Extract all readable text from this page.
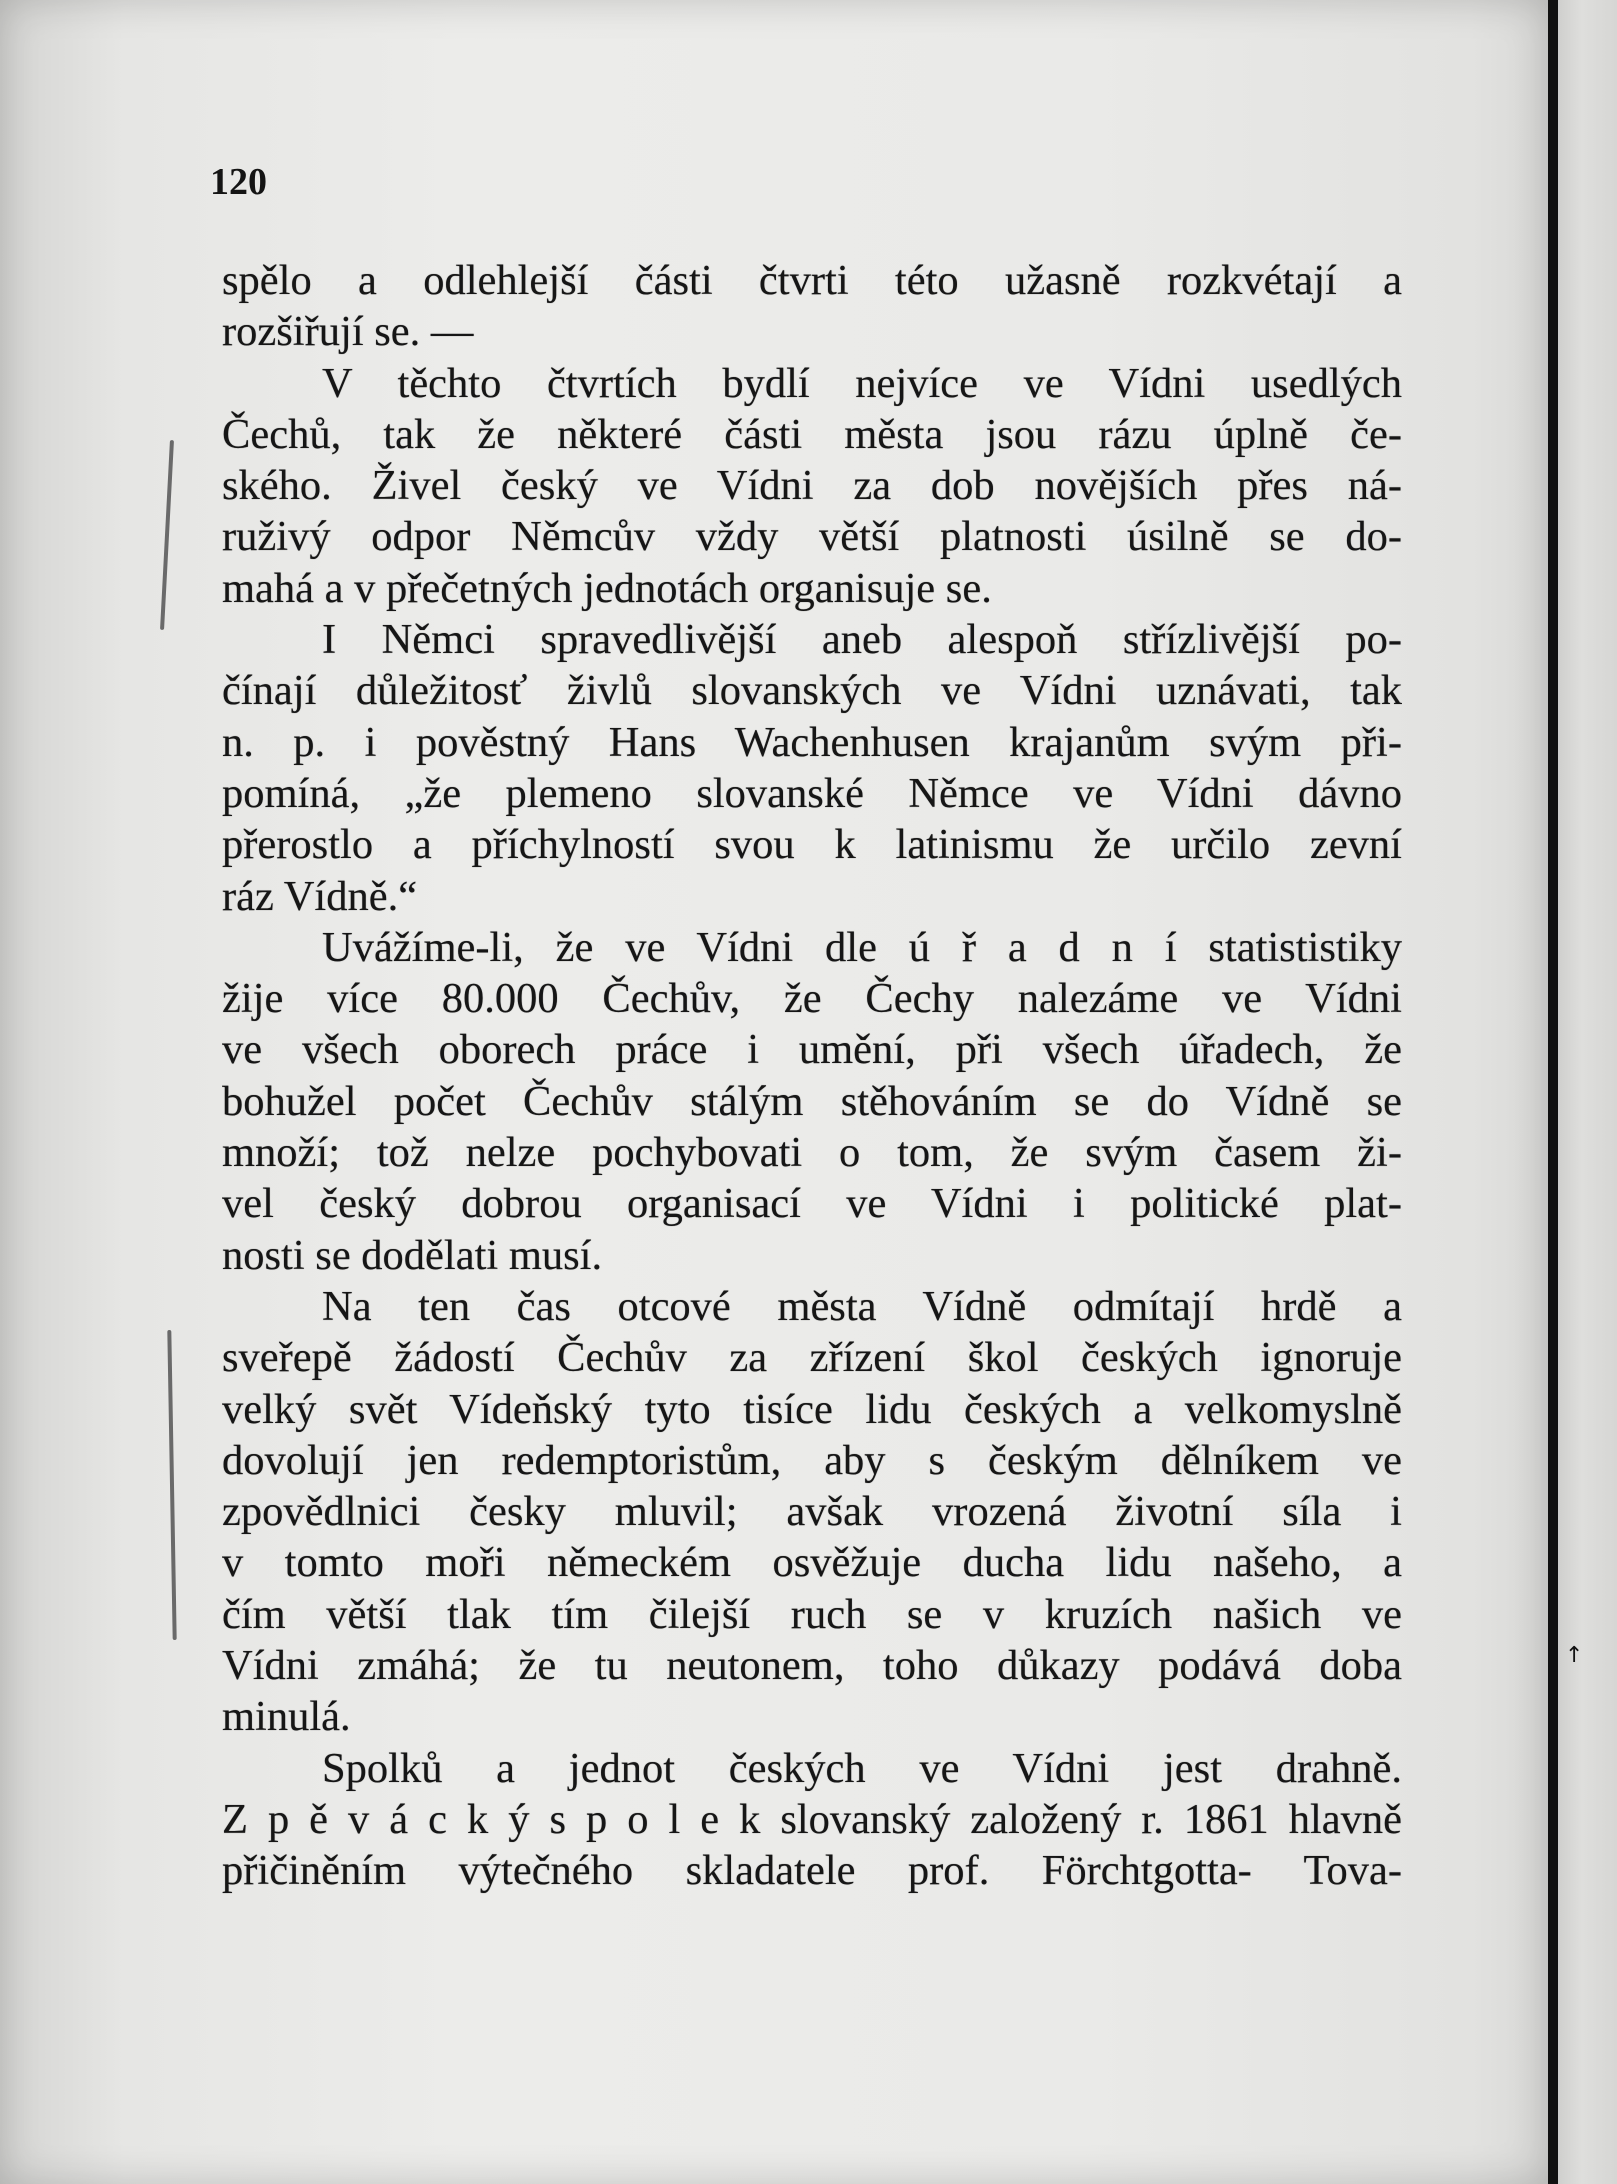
120

spělo a odlehlejší části čtvrti této užasně rozkvétají a
rozšiřují se. —
V těchto čtvrtích bydlí nejvíce ve Vídni usedlých
Čechů, tak že některé části města jsou rázu úplně če-
ského. Živel český ve Vídni za dob novějších přes ná-
ruživý odpor Němcův vždy větší platnosti úsilně se do-
mahá a v přečetných jednotách organisuje se.
I Němci spravedlivější aneb alespoň střízlivější po-
čínají důležitosť živlů slovanských ve Vídni uznávati, tak
n. p. i pověstný Hans Wachenhusen krajanům svým při-
pomíná, „že plemeno slovanské Němce ve Vídni dávno
přerostlo a příchylností svou k latinismu že určilo zevní
ráz Vídně.“
Uvážíme-li, že ve Vídni dle ú ř a d n í statististiky
žije více 80.000 Čechův, že Čechy nalezáme ve Vídni
ve všech oborech práce i umění, při všech úřadech, že
bohužel počet Čechův stálým stěhováním se do Vídně se
množí; tož nelze pochybovati o tom, že svým časem ži-
vel český dobrou organisací ve Vídni i politické plat-
nosti se dodělati musí.
Na ten čas otcové města Vídně odmítají hrdě a
sveřepě žádostí Čechův za zřízení škol českých ignoruje
velký svět Vídeňský tyto tisíce lidu českých a velkomyslně
dovolují jen redemptoristům, aby s českým dělníkem ve
zpovědlnici česky mluvil; avšak vrozená životní síla i
v tomto moři německém osvěžuje ducha lidu našeho, a
čím větší tlak tím čilejší ruch se v kruzích našich ve
Vídni zmáhá; že tu neutonem, toho důkazy podává doba
minulá.
Spolků a jednot českých ve Vídni jest drahně.
Z p ě v á c k ý s p o l e k slovanský založený r. 1861 hlavně
přičiněním výtečného skladatele prof. Förchtgotta- Tova-
↑
